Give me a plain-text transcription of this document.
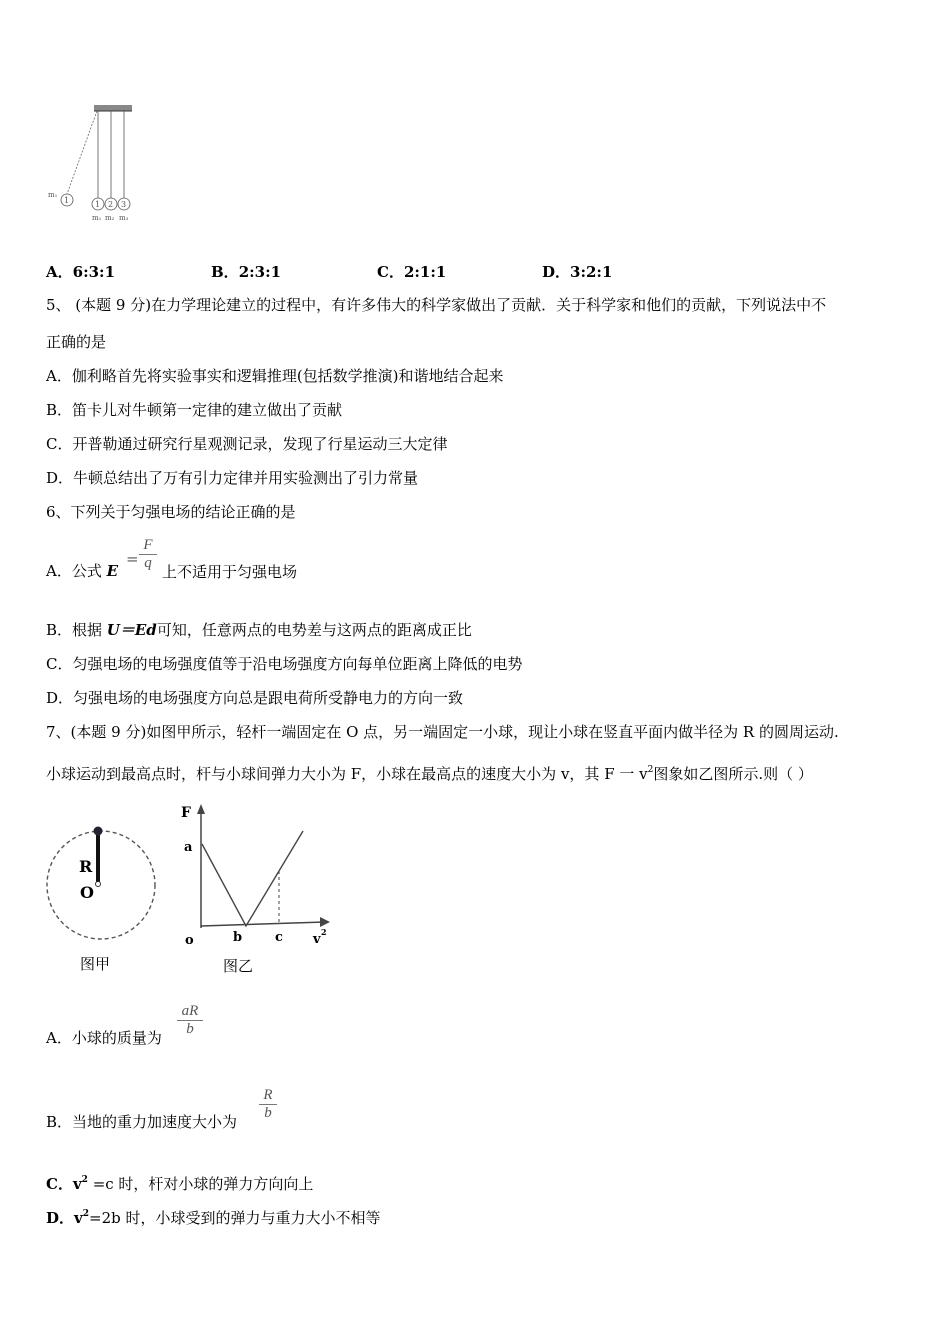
m₁
1	1 2 3
m₁ m₂ m₃
A．6:3:1	B．2:3:1	C．2:1:1	D．3:2:1
5、 (本题 9 分)在力学理论建立的过程中，有许多伟大的科学家做出了贡献．关于科学家和他们的贡献，下列说法中不
正确的是
A．伽利略首先将实验事实和逻辑推理(包括数学推演)和谐地结合起来
B．笛卡儿对牛顿第一定律的建立做出了贡献
C．开普勒通过研究行星观测记录，发现了行星运动三大定律
D．牛顿总结出了万有引力定律并用实验测出了引力常量
6、下列关于匀强电场的结论正确的是
A．公式 E
= $\frac{F}{q}$ 上不适用于匀强电场
B．根据 U＝Ed可知，任意两点的电势差与这两点的距离成正比
C．匀强电场的电场强度值等于沿电场强度方向每单位距离上降低的电势
D．匀强电场的电场强度方向总是跟电荷所受静电力的方向一致
7、(本题 9 分)如图甲所示，轻杆一端固定在 O 点，另一端固定一小球，现让小球在竖直平面内做半径为 R 的圆周运动.
小球运动到最高点时，杆与小球间弹力大小为 F，小球在最高点的速度大小为 v，其 F 一 $v^2$图象如乙图所示.则（ ）
R
O
图甲
F
a
o	b	c v 2
图乙
A．小球的质量为 $\frac{aR}{b}$
B．当地的重力加速度大小为 $\frac{R}{b}$
C．$v^2 =c$ 时，杆对小球的弹力方向向上
D．$v^2=2b$ 时，小球受到的弹力与重力大小不相等
